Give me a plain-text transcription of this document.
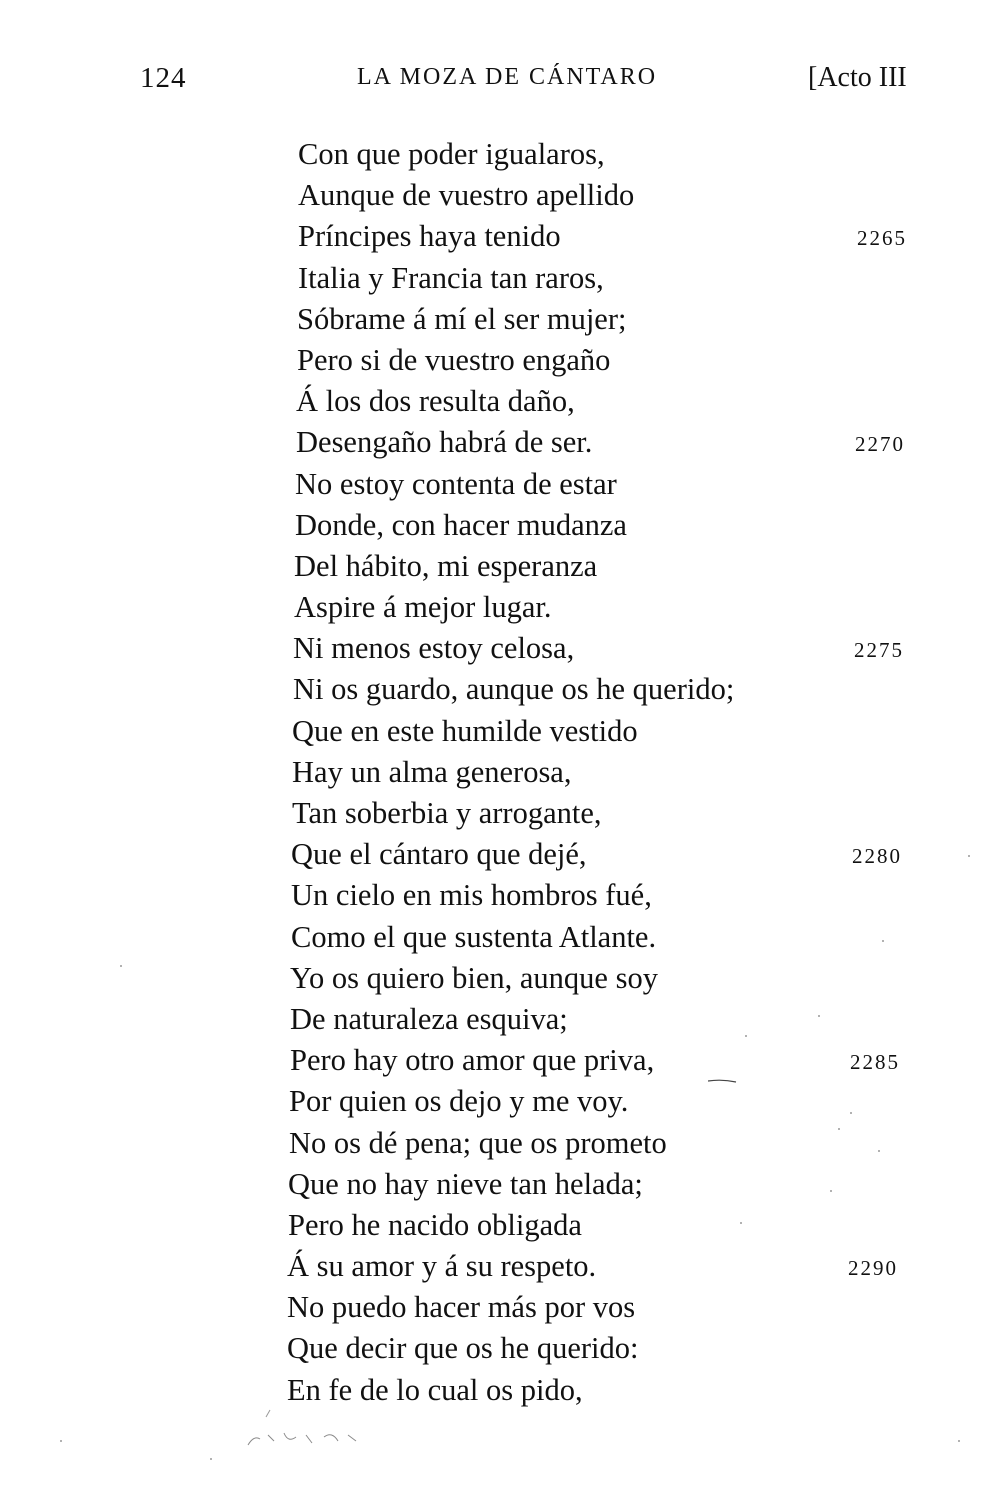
124	LA MOZA DE CÁNTARO	[Acto III
Con que poder igualaros,
Aunque de vuestro apellido
Príncipes haya tenido	2265
Italia y Francia tan raros,
Sóbrame á mí el ser mujer;
Pero si de vuestro engaño
Á los dos resulta daño,
Desengaño habrá de ser.	2270
No estoy contenta de estar
Donde, con hacer mudanza
Del hábito, mi esperanza
Aspire á mejor lugar.
Ni menos estoy celosa,	2275
Ni os guardo, aunque os he querido;
Que en este humilde vestido
Hay un alma generosa,
Tan soberbia y arrogante,
Que el cántaro que dejé,	2280
Un cielo en mis hombros fué,
Como el que sustenta Atlante.
Yo os quiero bien, aunque soy
De naturaleza esquiva;
Pero hay otro amor que priva,	2285
Por quien os dejo y me voy.
No os dé pena; que os prometo
Que no hay nieve tan helada;
Pero he nacido obligada
Á su amor y á su respeto.	2290
No puedo hacer más por vos
Que decir que os he querido:
En fe de lo cual os pido,
